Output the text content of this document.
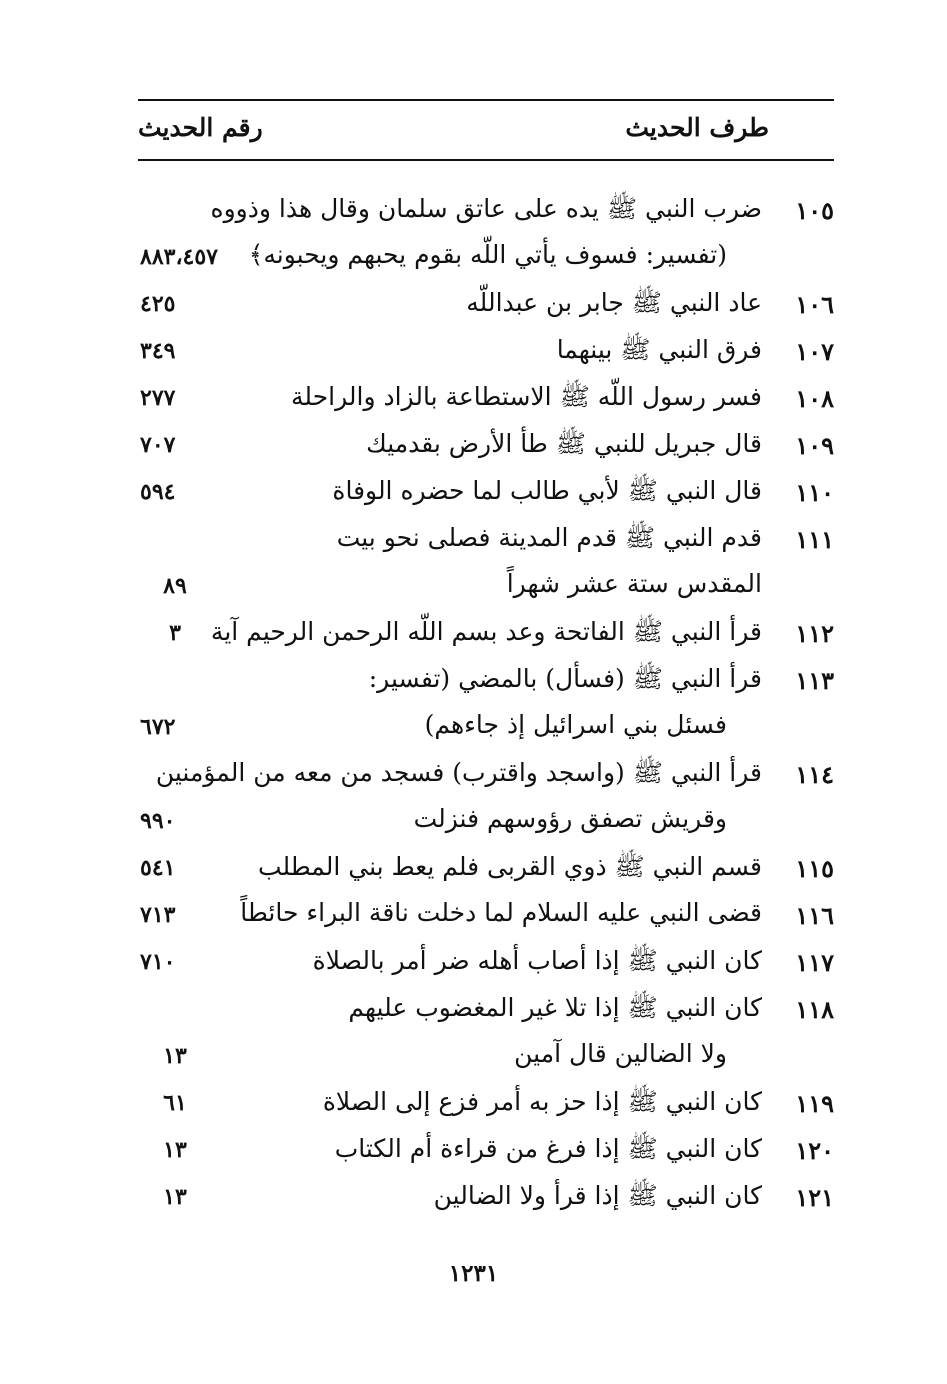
طرف الحديث
رقم الحديث
١٠٥
ضرب النبي ﷺ يده على عاتق سلمان وقال هذا وذووه
(تفسير: فسوف يأتي اللّه بقوم يحبهم ويحبونه﴾
٨٨٣،٤٥٧
١٠٦
عاد النبي ﷺ جابر بن عبداللّه
٤٢٥
١٠٧
فرق النبي ﷺ بينهما
٣٤٩
١٠٨
فسر رسول اللّه ﷺ الاستطاعة بالزاد والراحلة
٢٧٧
١٠٩
قال جبريل للنبي ﷺ طأ الأرض بقدميك
٧٠٧
١١٠
قال النبي ﷺ لأبي طالب لما حضره الوفاة
٥٩٤
١١١
قدم النبي ﷺ قدم المدينة فصلى نحو بيت
المقدس ستة عشر شهراً
٨٩
١١٢
قرأ النبي ﷺ الفاتحة وعد بسم اللّه الرحمن الرحيم آية
٣
١١٣
قرأ النبي ﷺ (فسأل) بالمضي (تفسير:
فسئل بني اسرائيل إذ جاءهم)
٦٧٢
١١٤
قرأ النبي ﷺ (واسجد واقترب) فسجد من معه من المؤمنين
وقريش تصفق رؤوسهم فنزلت
٩٩٠
١١٥
قسم النبي ﷺ ذوي القربى فلم يعط بني المطلب
٥٤١
١١٦
قضى النبي عليه السلام لما دخلت ناقة البراء حائطاً
٧١٣
١١٧
كان النبي ﷺ إذا أصاب أهله ضر أمر بالصلاة
٧١٠
١١٨
كان النبي ﷺ إذا تلا غير المغضوب عليهم
ولا الضالين قال آمين
١٣
١١٩
كان النبي ﷺ إذا حز به أمر فزع إلى الصلاة
٦١
١٢٠
كان النبي ﷺ إذا فرغ من قراءة أم الكتاب
١٣
١٢١
كان النبي ﷺ إذا قرأ ولا الضالين
١٣
١٢٣١
